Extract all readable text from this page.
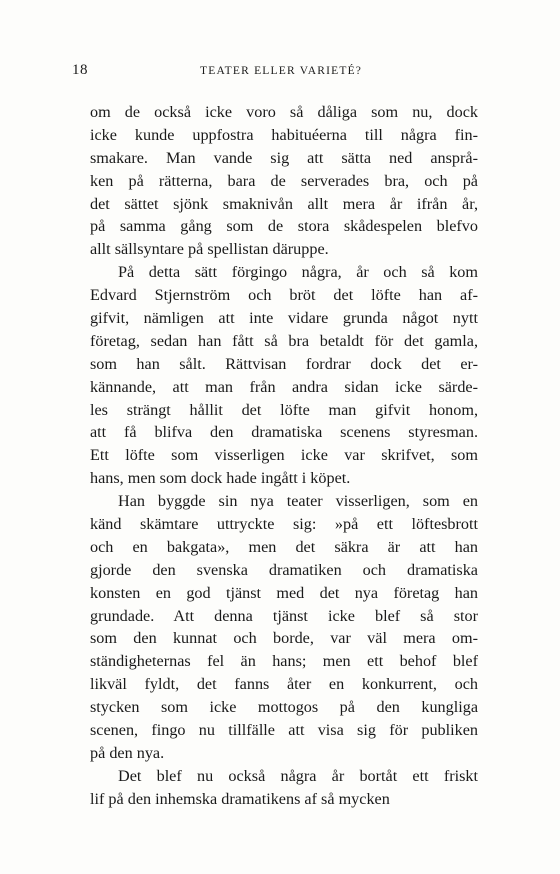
18	TEATER ELLER VARIETÉ?
om de också icke voro så dåliga som nu, dock
icke kunde uppfostra habituéerna till några fin-
smakare. Man vande sig att sätta ned ansprå-
ken på rätterna, bara de serverades bra, och på
det sättet sjönk smaknivån allt mera år ifrån år,
på samma gång som de stora skådespelen blefvo
allt sällsyntare på spellistan däruppe.
På detta sätt förgingo några, år och så kom
Edvard Stjernström och bröt det löfte han af-
gifvit, nämligen att inte vidare grunda något nytt
företag, sedan han fått så bra betaldt för det gamla,
som han sålt. Rättvisan fordrar dock det er-
kännande, att man från andra sidan icke särde-
les strängt hållit det löfte man gifvit honom,
att få blifva den dramatiska scenens styresman.
Ett löfte som visserligen icke var skrifvet, som
hans, men som dock hade ingått i köpet.
Han byggde sin nya teater visserligen, som en
känd skämtare uttryckte sig: »på ett löftesbrott
och en bakgata», men det säkra är att han
gjorde den svenska dramatiken och dramatiska
konsten en god tjänst med det nya företag han
grundade. Att denna tjänst icke blef så stor
som den kunnat och borde, var väl mera om-
ständigheternas fel än hans; men ett behof blef
likväl fyldt, det fanns åter en konkurrent, och
stycken som icke mottogos på den kungliga
scenen, fingo nu tillfälle att visa sig för publiken
på den nya.
Det blef nu också några år bortåt ett friskt
lif på den inhemska dramatikens af så mycken
